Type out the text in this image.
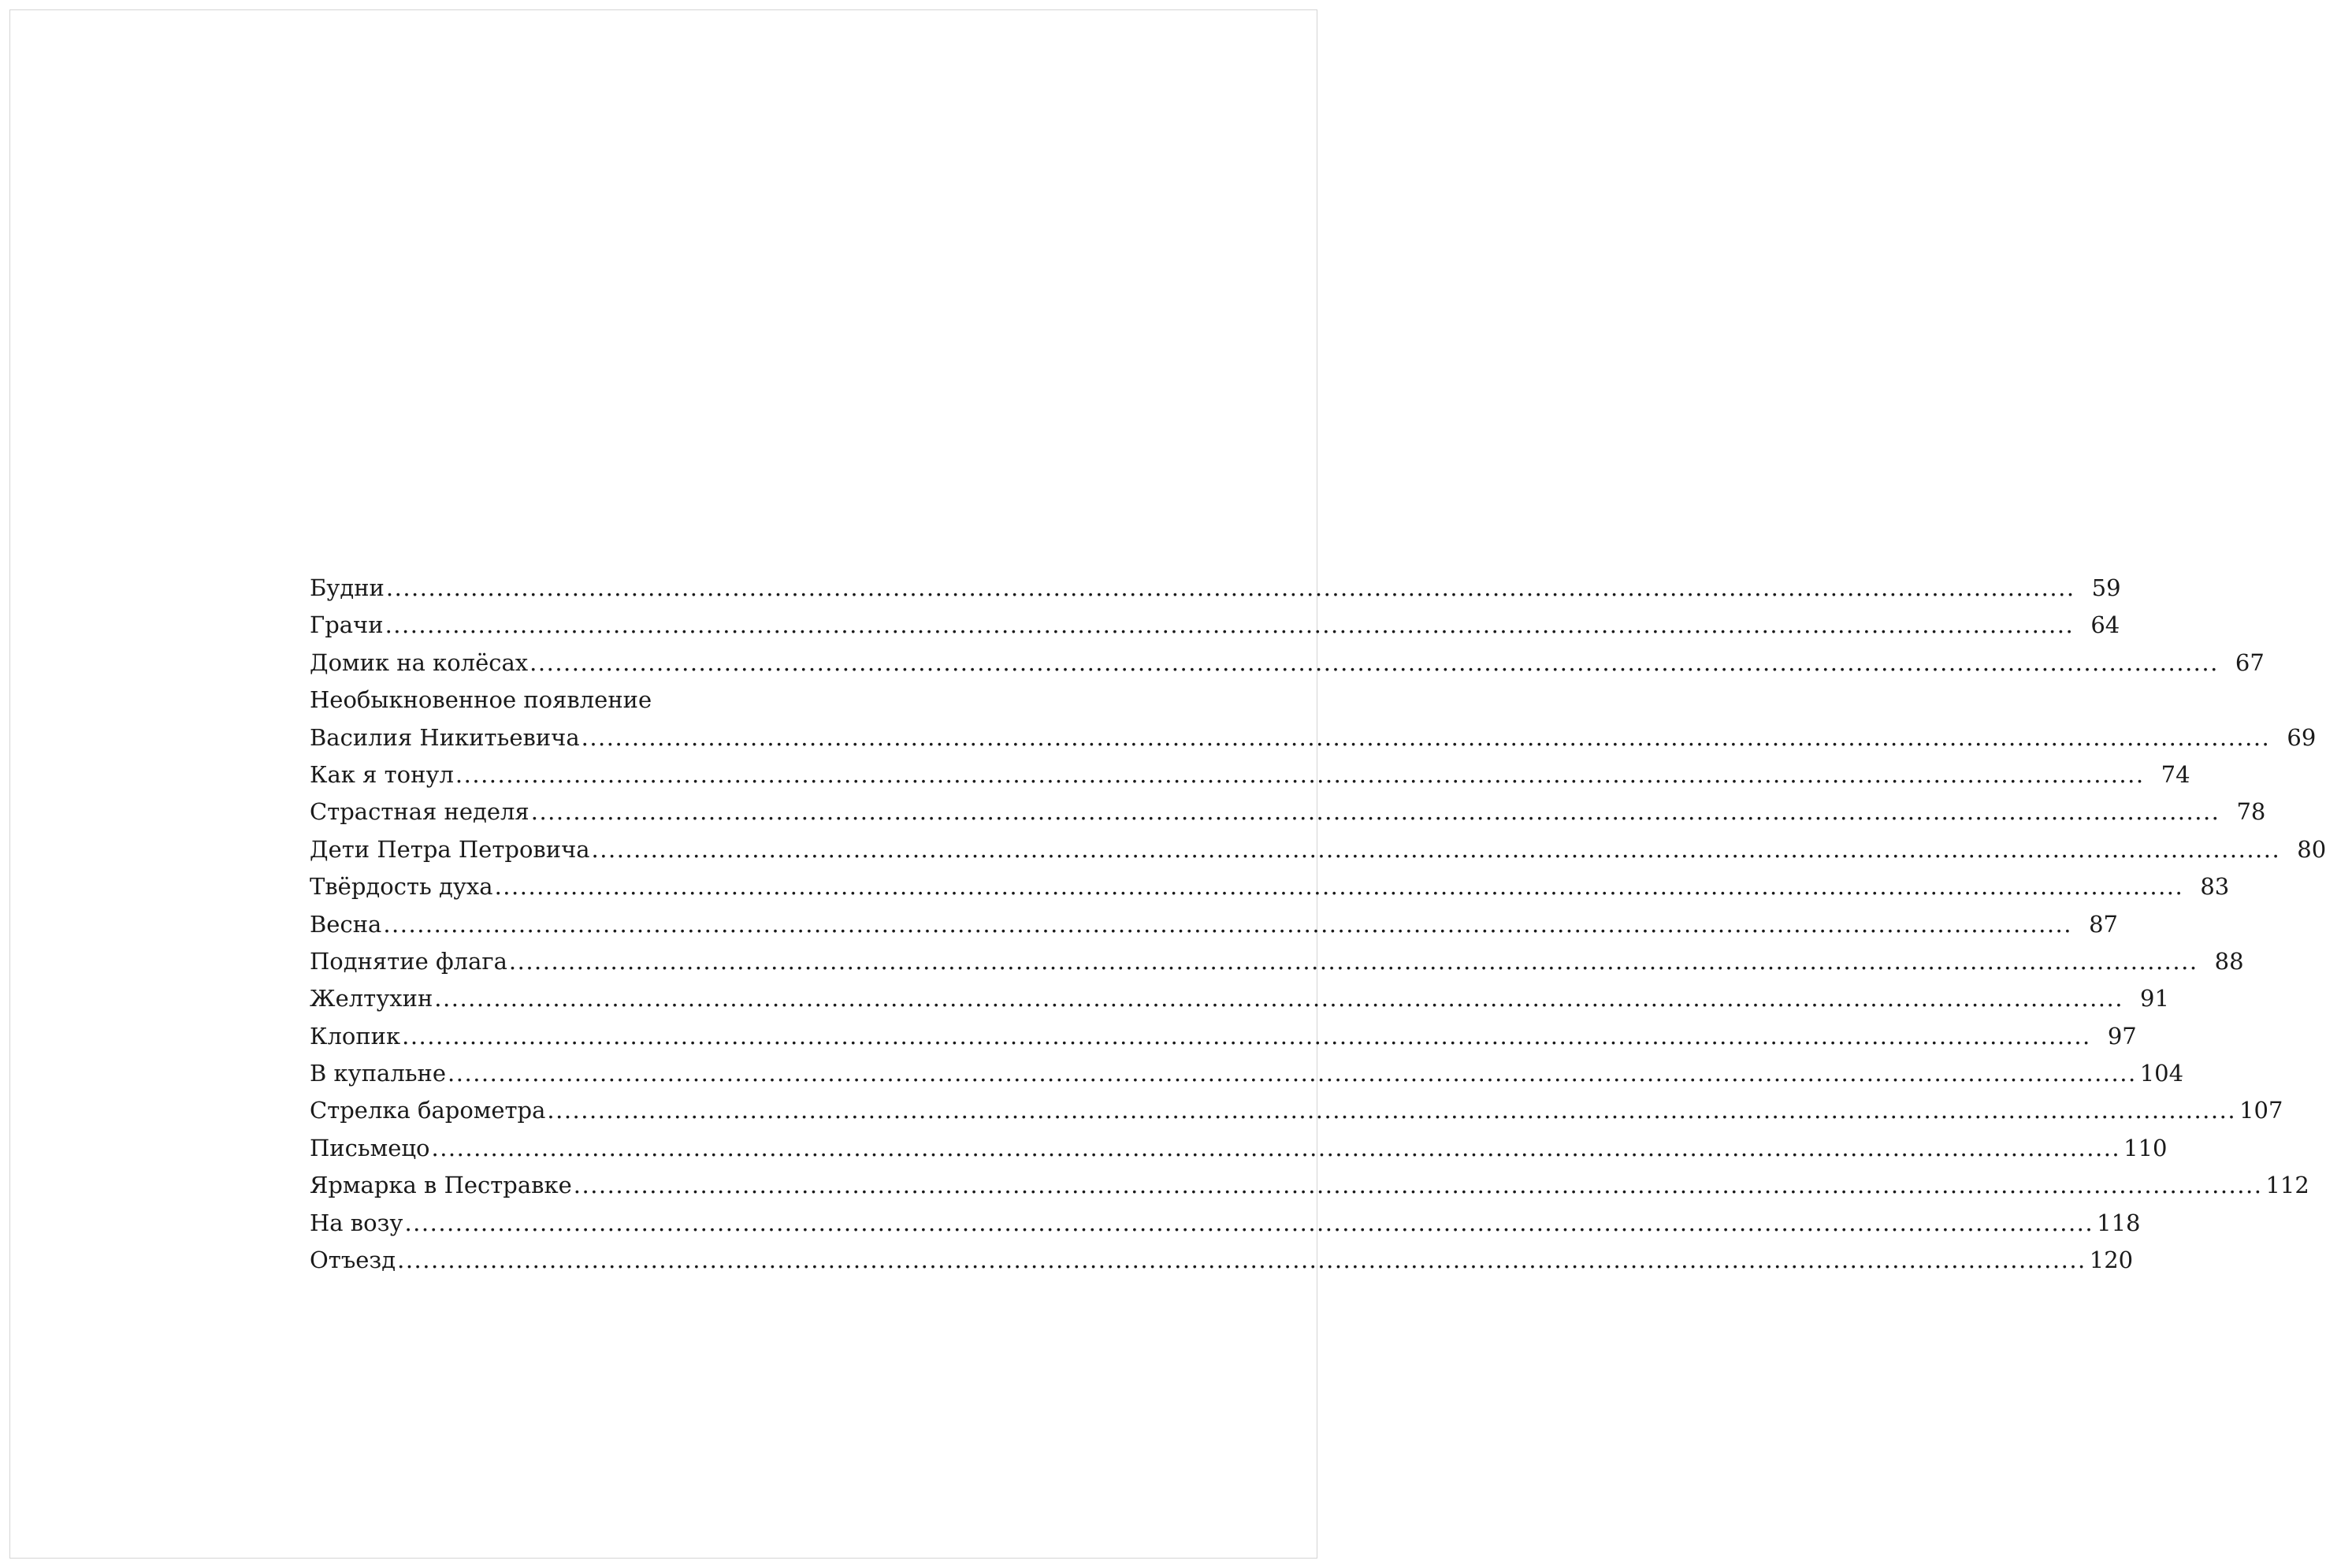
Будни ........................................................................................................................................................................................................ 59
Грачи ........................................................................................................................................................................................................ 64
Домик на колёсах ........................................................................................................................................................................................................ 67
Необыкновенное появление
Василия Никитьевича ........................................................................................................................................................................................................ 69
Как я тонул ........................................................................................................................................................................................................ 74
Страстная неделя ........................................................................................................................................................................................................ 78
Дети Петра Петровича ........................................................................................................................................................................................................ 80
Твёрдость духа ........................................................................................................................................................................................................ 83
Весна ........................................................................................................................................................................................................ 87
Поднятие флага ........................................................................................................................................................................................................ 88
Желтухин ........................................................................................................................................................................................................ 91
Клопик ........................................................................................................................................................................................................ 97
В купальне ........................................................................................................................................................................................................ 104
Стрелка барометра ........................................................................................................................................................................................................ 107
Письмецо ........................................................................................................................................................................................................ 110
Ярмарка в Пестравке ........................................................................................................................................................................................................ 112
На возу ........................................................................................................................................................................................................ 118
Отъезд ........................................................................................................................................................................................................ 120
